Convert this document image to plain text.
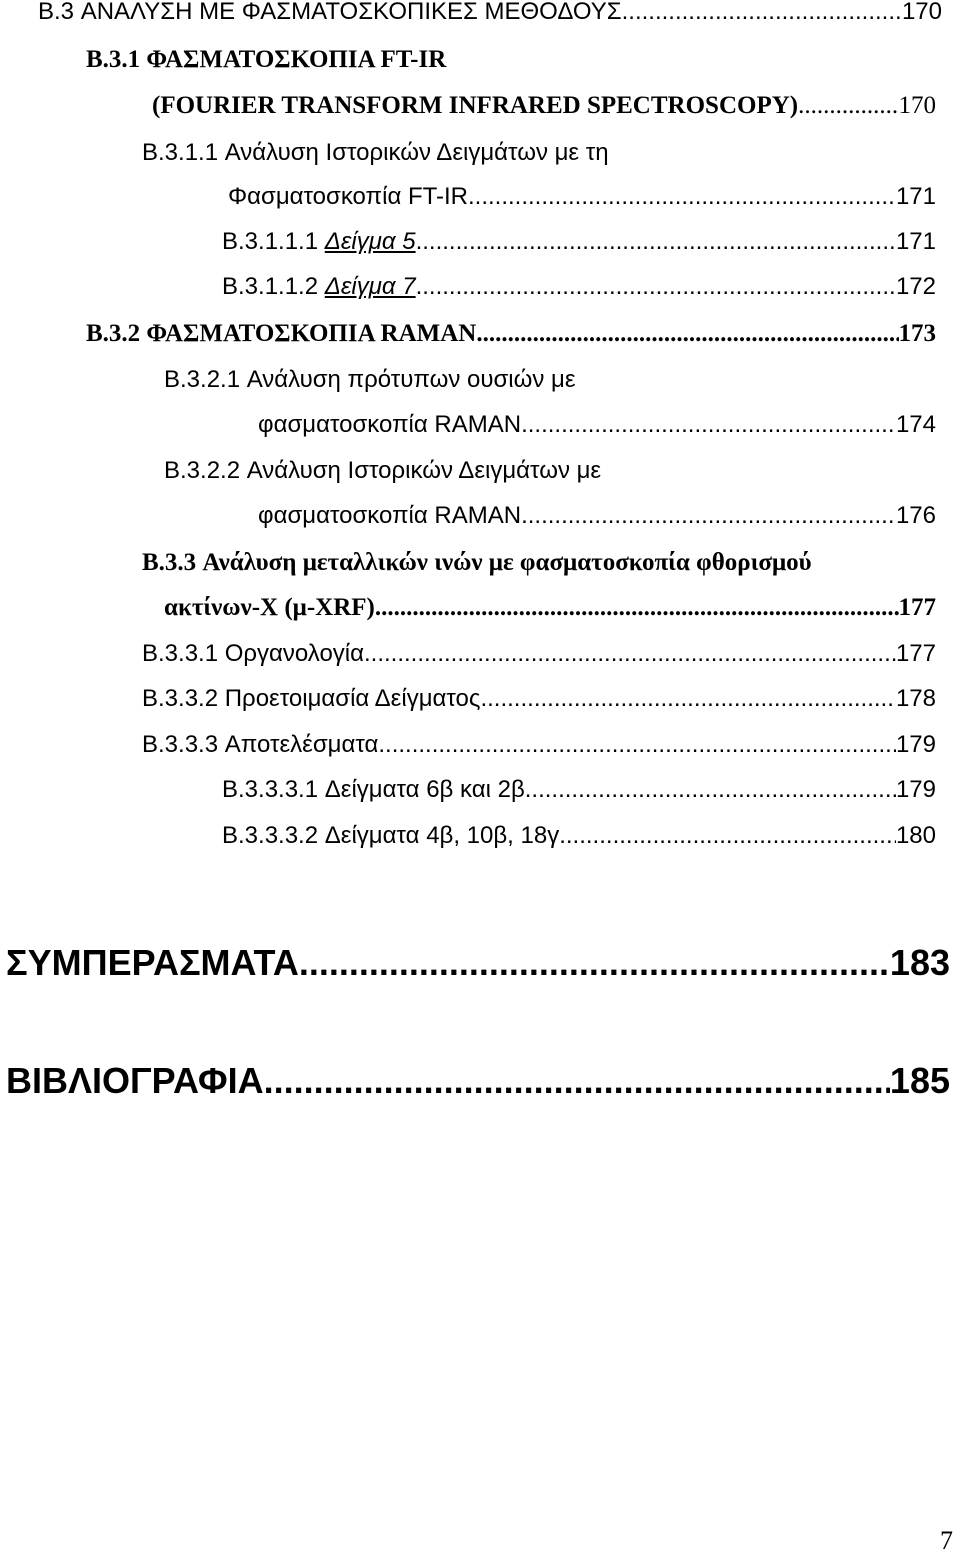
B.3 ΑΝΑΛΥΣΗ ΜΕ ΦΑΣΜΑΤΟΣΚΟΠΙΚΕΣ ΜΕΘΟΔΟΥΣ .....	170
B.3.1 ΦΑΣΜΑΤΟΣΚΟΠΙΑ FT-IR
(FOURIER TRANSFORM INFRARED SPECTROSCOPY) .....	170
B.3.1.1 Ανάλυση Ιστορικών Δειγμάτων με τη
Φασματοσκοπία FT-IR .....	171
B.3.1.1.1 Δείγμα 5 .....	171
B.3.1.1.2 Δείγμα 7 .....	172
B.3.2 ΦΑΣΜΑΤΟΣΚΟΠΙΑ RAMAN .....	173
B.3.2.1 Ανάλυση πρότυπων ουσιών με
φασματοσκοπία RAMAN .....	174
B.3.2.2 Ανάλυση Ιστορικών Δειγμάτων με
φασματοσκοπία RAMAN .....	176
B.3.3 Ανάλυση μεταλλικών ινών με φασματοσκοπία φθορισμού
ακτίνων-Χ (μ-XRF) .....	177
B.3.3.1 Οργανολογία .....	177
B.3.3.2 Προετοιμασία Δείγματος .....	178
B.3.3.3 Αποτελέσματα .....	179
B.3.3.3.1 Δείγματα 6β και 2β .....	179
B.3.3.3.2 Δείγματα 4β, 10β, 18γ .....	180
ΣΥΜΠΕΡΑΣΜΑΤΑ .....	183
ΒΙΒΛΙΟΓΡΑΦΙΑ .....	185
7
